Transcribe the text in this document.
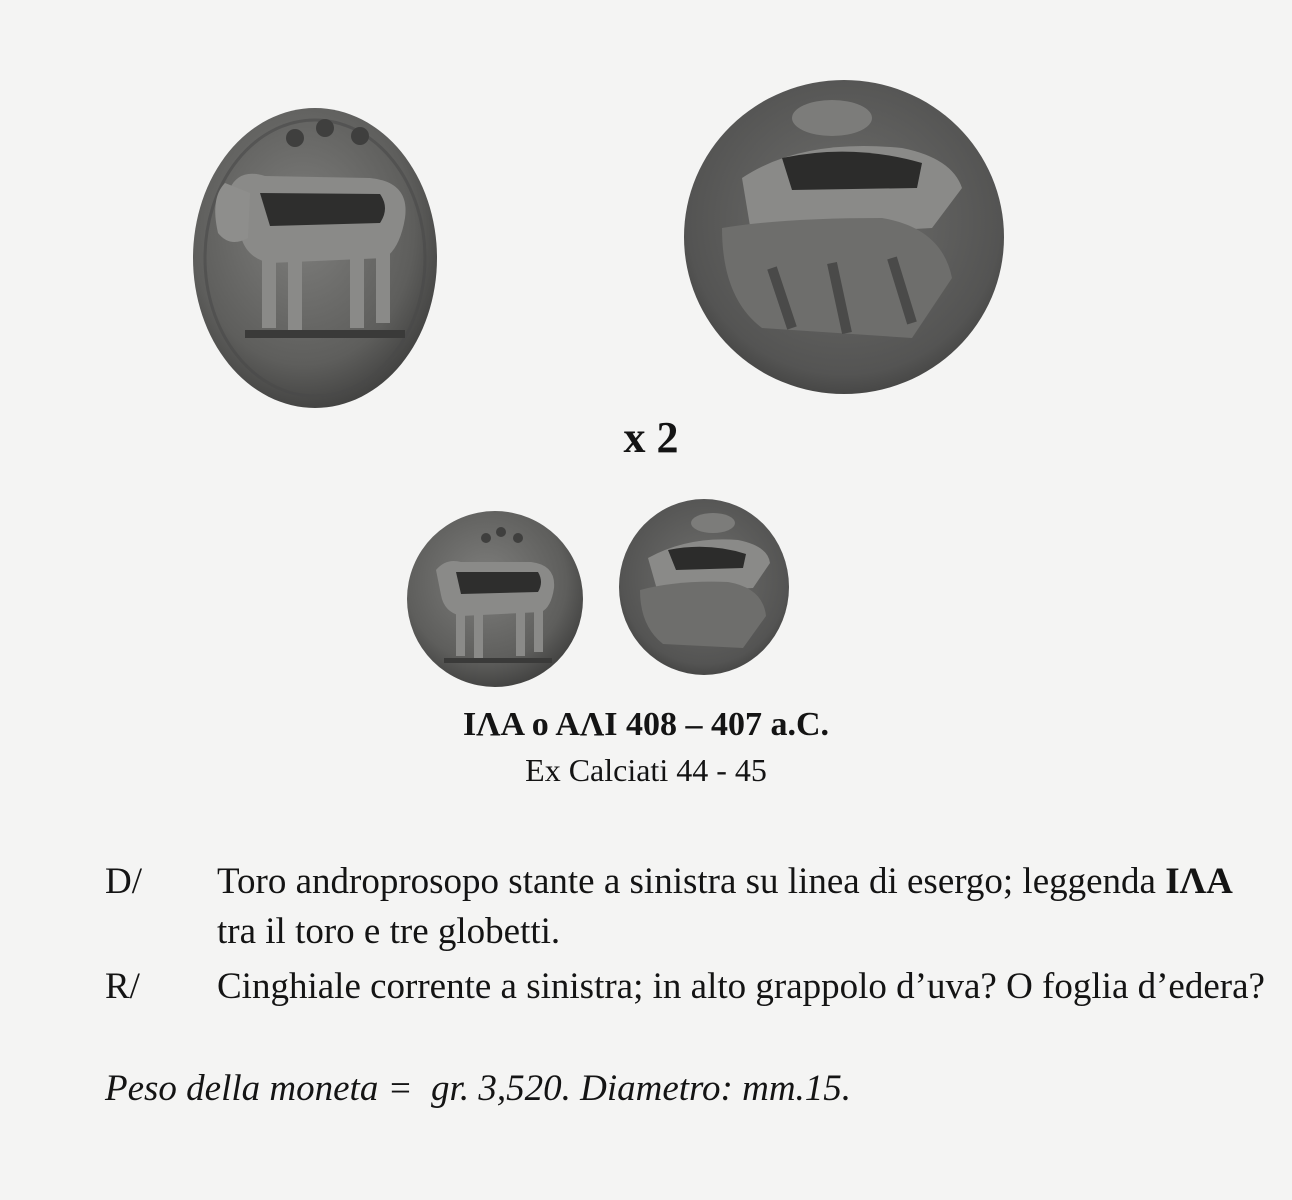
x 2

IΛA o AΛI 408 – 407 a.C.

Ex Calciati 44 - 45

D/	Toro androprosopo stante a sinistra su linea di esergo; leggenda IΛA tra il toro e tre globetti.
R/	Cinghiale corrente a sinistra; in alto grappolo d’uva? O foglia d’edera?

Peso della moneta =  gr. 3,520. Diametro: mm.15.
